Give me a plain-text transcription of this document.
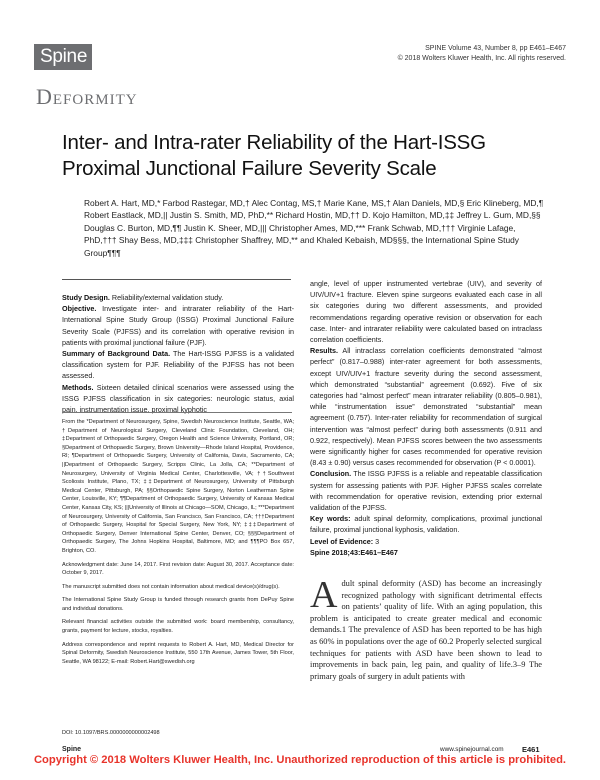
Spine
DEFORMITY
SPINE Volume 43, Number 8, pp E461–E467
© 2018 Wolters Kluwer Health, Inc. All rights reserved.
Inter- and Intra-rater Reliability of the Hart-ISSG Proximal Junctional Failure Severity Scale
Robert A. Hart, MD,* Farbod Rastegar, MD,† Alec Contag, MS,† Marie Kane, MS,† Alan Daniels, MD,§ Eric Klineberg, MD,¶ Robert Eastlack, MD,|| Justin S. Smith, MD, PhD,** Richard Hostin, MD,†† D. Kojo Hamilton, MD,‡‡ Jeffrey L. Gum, MD,§§ Douglas C. Burton, MD,¶¶ Justin K. Sheer, MD,||| Christopher Ames, MD,*** Frank Schwab, MD,††† Virginie Lafage, PhD,††† Shay Bess, MD,‡‡‡ Christopher Shaffrey, MD,** and Khaled Kebaish, MD§§§, the International Spine Study Group¶¶¶
Study Design. Reliability/external validation study.
Objective. Investigate inter- and intrarater reliability of the Hart-International Spine Study Group (ISSG) Proximal Junctional Failure Severity Scale (PJFSS) and its correlation with operative revision in patients with proximal junctional failure (PJF).
Summary of Background Data. The Hart-ISSG PJFSS is a validated classification system for PJF. Reliability of the PJFSS has not been assessed.
Methods. Sixteen detailed clinical scenarios were assessed using the ISSG PJFSS classification in six categories: neurologic status, axial pain, instrumentation issue, proximal kyphotic
angle, level of upper instrumented vertebrae (UIV), and severity of UIV/UIV+1 fracture. Eleven spine surgeons evaluated each case in all six categories during two different assessments, and provided recommendations regarding operative revision or observation for each case. Inter- and intrarater reliability were calculated based on intraclass correlation coefficients.
Results. All intraclass correlation coefficients demonstrated “almost perfect” (0.817–0.988) inter-rater agreement for both assessments, except UIV/UIV+1 fracture severity during the second assessment, which demonstrated “substantial” agreement (0.692). Five of six categories had “almost perfect” mean intrarater reliability (0.805–0.981), while “instrumentation issue” demonstrated “substantial” mean agreement (0.757). Inter-rater reliability for recommendation of surgical intervention was “almost perfect” during both assessments (0.911 and 0.922, respectively). Mean PJFSS scores between the two assessments were significantly higher for cases recommended for operative revision (8.43 ± 0.90) versus cases recommended for observation (P < 0.0001).
Conclusion. The ISSG PJFSS is a reliable and repeatable classification system for assessing patients with PJF. Higher PJFSS scales correlate with recommendation for operative revision, extending prior external validation of the PJFSS.
Key words: adult spinal deformity, complications, proximal junctional failure, proximal junctional kyphosis, validation.
Level of Evidence: 3
Spine 2018;43:E461–E467
From the *Department of Neurosurgery, Spine, Swedish Neuroscience Institute, Seattle, WA; †Department of Neurological Surgery, Cleveland Clinic Foundation, Cleveland, OH; ‡Department of Orthopaedic Surgery, Oregon Health and Science University, Portland, OR; §Department of Orthopaedic Surgery, Brown University—Rhode Island Hospital, Providence, RI; ¶Department of Orthopaedic Surgery, University of California, Davis, Sacramento, CA; ||Department of Orthopaedic Surgery, Scripps Clinic, La Jolla, CA; **Department of Neurosurgery, University of Virginia Medical Center, Charlottesville, VA; ††Southwest Scoliosis Institute, Plano, TX; ‡‡Department of Neurosurgery, University of Pittsburgh Medical Center, Pittsburgh, PA; §§Orthopaedic Spine Surgery, Norton Leatherman Spine Center, Louisville, KY; ¶¶Department of Orthopaedic Surgery, University of Kansas Medical Center, Kansas City, KS; |||University of Illinois at Chicago—SOM, Chicago, IL; ***Department of Neurosurgery, University of California, San Francisco, San Francisco, CA; †††Department of Orthopaedic Surgery, Hospital for Special Surgery, New York, NY; ‡‡‡Department of Orthopaedic Surgery, Denver International Spine Center, Denver, CO; §§§Department of Orthopaedic Surgery, The Johns Hopkins Hospital, Baltimore, MD; and ¶¶¶PO Box 657, Brighton, CO.
Acknowledgment date: June 14, 2017. First revision date: August 30, 2017. Acceptance date: October 9, 2017.
The manuscript submitted does not contain information about medical device(s)/drug(s).
The International Spine Study Group is funded through research grants from DePuy Spine and individual donations.
Relevant financial activities outside the submitted work: board membership, consultancy, grants, payment for lecture, stocks, royalties.
Address correspondence and reprint requests to Robert A. Hart, MD, Medical Director for Spinal Deformity, Swedish Neuroscience Institute, 550 17th Avenue, James Tower, 5th Floor, Seattle, WA 98122; E-mail: Robert.Hart@swedish.org
DOI: 10.1097/BRS.0000000000002498
Adult spinal deformity (ASD) has become an increasingly recognized pathology with significant detrimental effects on patients’ quality of life. With an aging population, this problem is anticipated to create greater medical and economic demands.1 The prevalence of ASD has been reported to be has high as 60% in populations over the age of 60.2 Properly selected surgical techniques for patients with ASD have been shown to lead to improvements in back pain, leg pain, and quality of life.3–9 The primary goals of surgery in adult patients with
Spine	www.spinejournal.com E461
Copyright © 2018 Wolters Kluwer Health, Inc. Unauthorized reproduction of this article is prohibited.
